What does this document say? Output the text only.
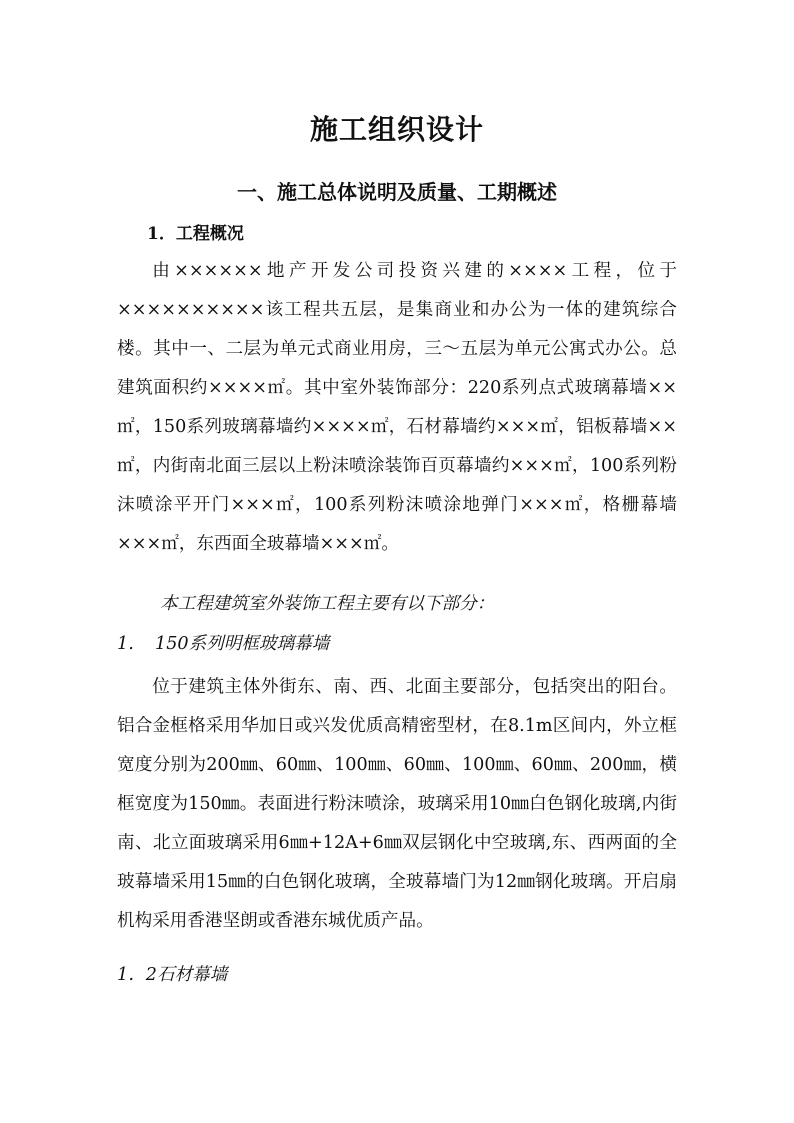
施工组织设计
一、施工总体说明及质量、工期概述
1．工程概况

由××××××地产开发公司投资兴建的××××工程，位于××××××××××该工程共五层，是集商业和办公为一体的建筑综合楼。其中一、二层为单元式商业用房，三～五层为单元公寓式办公。总建筑面积约××××㎡。其中室外装饰部分：220系列点式玻璃幕墙××㎡，150系列玻璃幕墙约××××㎡，石材幕墙约×××㎡，铝板幕墙××㎡，内街南北面三层以上粉沫喷涂装饰百页幕墙约×××㎡，100系列粉沫喷涂平开门×××㎡，100系列粉沫喷涂地弹门×××㎡，格栅幕墙×××㎡，东西面全玻幕墙×××㎡。

本工程建筑室外装饰工程主要有以下部分：

1. 150系列明框玻璃幕墙

位于建筑主体外街东、南、西、北面主要部分，包括突出的阳台。铝合金框格采用华加日或兴发优质高精密型材，在8.1m区间内，外立框宽度分别为200㎜、60㎜、100㎜、60㎜、100㎜、60㎜、200㎜，横框宽度为150㎜。表面进行粉沫喷涂，玻璃采用10㎜白色钢化玻璃,内街南、北立面玻璃采用6㎜+12A+6㎜双层钢化中空玻璃,东、西两面的全玻幕墙采用15㎜的白色钢化玻璃，全玻幕墙门为12㎜钢化玻璃。开启扇机构采用香港坚朗或香港东城优质产品。

1．2石材幕墙
